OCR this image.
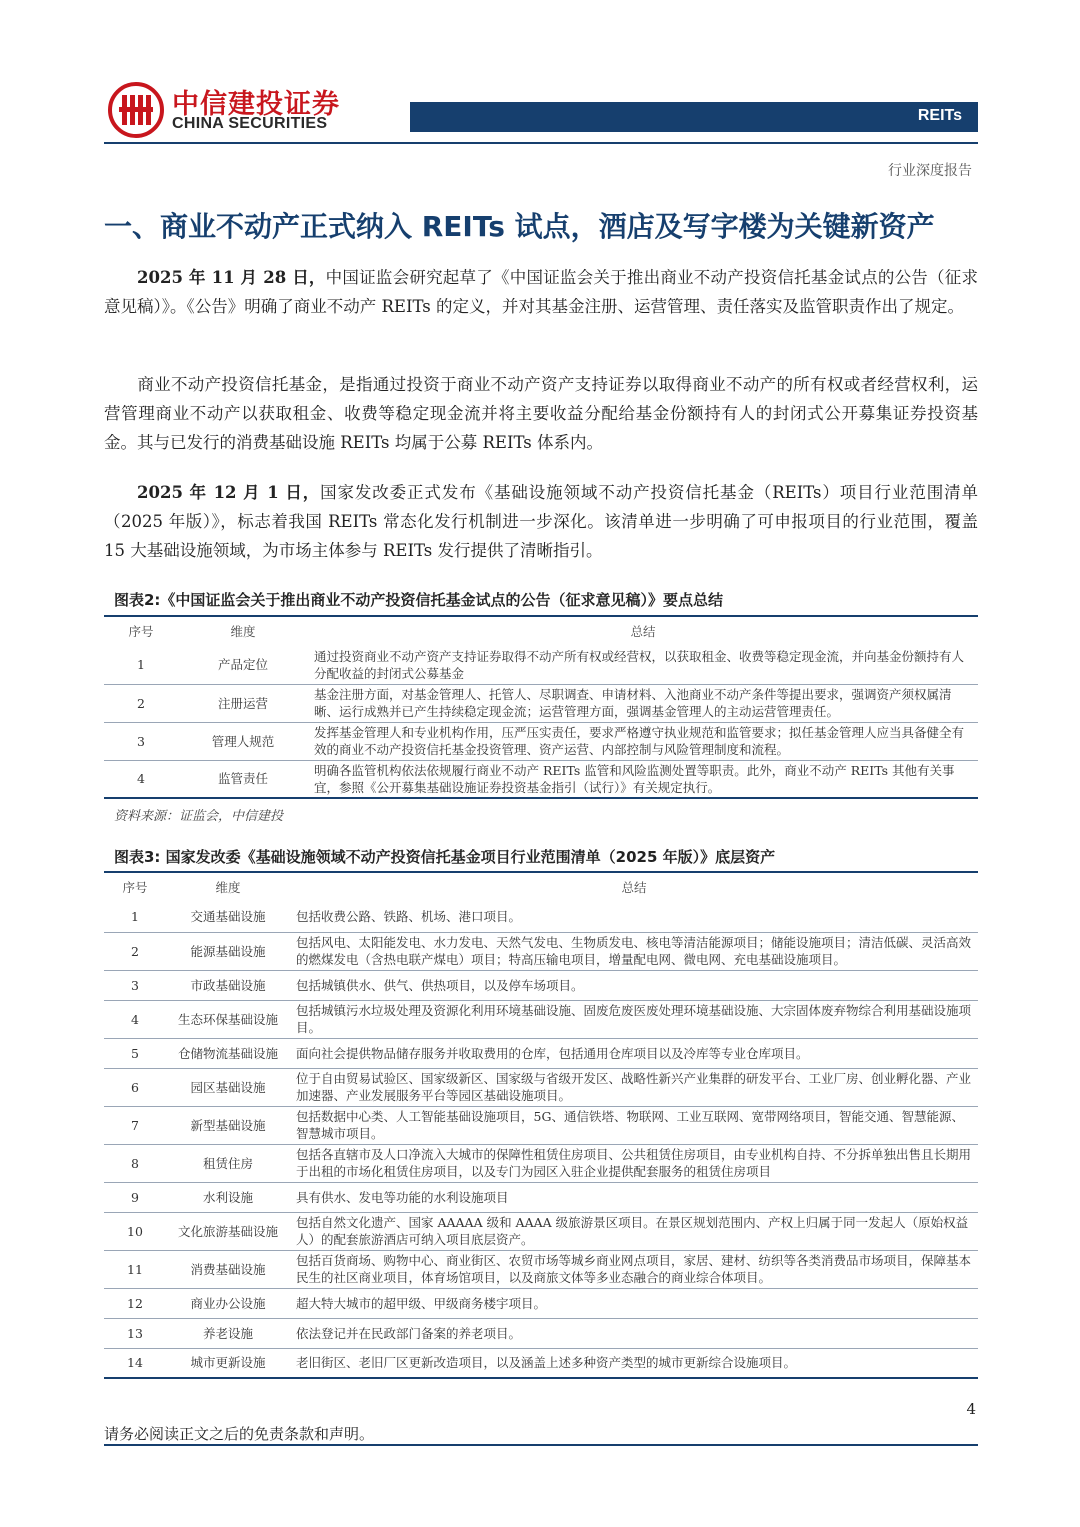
中信建投证券
CHINA SECURITIES	REITs
行业深度报告
一、商业不动产正式纳入 REITs 试点，酒店及写字楼为关键新资产
2025 年 11 月 28 日，中国证监会研究起草了《中国证监会关于推出商业不动产投资信托基金试点的公告（征求意见稿）》。《公告》明确了商业不动产 REITs 的定义，并对其基金注册、运营管理、责任落实及监管职责作出了规定。
商业不动产投资信托基金，是指通过投资于商业不动产资产支持证券以取得商业不动产的所有权或者经营权利，运营管理商业不动产以获取租金、收费等稳定现金流并将主要收益分配给基金份额持有人的封闭式公开募集证券投资基金。其与已发行的消费基础设施 REITs 均属于公募 REITs 体系内。
2025 年 12 月 1 日，国家发改委正式发布《基础设施领域不动产投资信托基金（REITs）项目行业范围清单（2025 年版）》，标志着我国 REITs 常态化发行机制进一步深化。该清单进一步明确了可申报项目的行业范围，覆盖 15 大基础设施领域，为市场主体参与 REITs 发行提供了清晰指引。
图表2:《中国证监会关于推出商业不动产投资信托基金试点的公告（征求意见稿）》要点总结
序号	维度	总结
1	产品定位	通过投资商业不动产资产支持证券取得不动产所有权或经营权，以获取租金、收费等稳定现金流，并向基金份额持有人分配收益的封闭式公募基金
2	注册运营	基金注册方面，对基金管理人、托管人、尽职调查、申请材料、入池商业不动产条件等提出要求，强调资产须权属清晰、运行成熟并已产生持续稳定现金流；运营管理方面，强调基金管理人的主动运营管理责任。
3	管理人规范	发挥基金管理人和专业机构作用，压严压实责任，要求严格遵守执业规范和监管要求；拟任基金管理人应当具备健全有效的商业不动产投资信托基金投资管理、资产运营、内部控制与风险管理制度和流程。
4	监管责任	明确各监管机构依法依规履行商业不动产 REITs 监管和风险监测处置等职责。此外，商业不动产 REITs 其他有关事宜，参照《公开募集基础设施证券投资基金指引（试行）》有关规定执行。
资料来源：证监会，中信建投
图表3: 国家发改委《基础设施领域不动产投资信托基金项目行业范围清单（2025 年版）》底层资产
序号	维度	总结
1	交通基础设施	包括收费公路、铁路、机场、港口项目。
2	能源基础设施	包括风电、太阳能发电、水力发电、天然气发电、生物质发电、核电等清洁能源项目；储能设施项目；清洁低碳、灵活高效的燃煤发电（含热电联产煤电）项目；特高压输电项目，增量配电网、微电网、充电基础设施项目。
3	市政基础设施	包括城镇供水、供气、供热项目，以及停车场项目。
4	生态环保基础设施	包括城镇污水垃圾处理及资源化利用环境基础设施、固废危废医废处理环境基础设施、大宗固体废弃物综合利用基础设施项目。
5	仓储物流基础设施	面向社会提供物品储存服务并收取费用的仓库，包括通用仓库项目以及冷库等专业仓库项目。
6	园区基础设施	位于自由贸易试验区、国家级新区、国家级与省级开发区、战略性新兴产业集群的研发平台、工业厂房、创业孵化器、产业加速器、产业发展服务平台等园区基础设施项目。
7	新型基础设施	包括数据中心类、人工智能基础设施项目，5G、通信铁塔、物联网、工业互联网、宽带网络项目，智能交通、智慧能源、智慧城市项目。
8	租赁住房	包括各直辖市及人口净流入大城市的保障性租赁住房项目、公共租赁住房项目，由专业机构自持、不分拆单独出售且长期用于出租的市场化租赁住房项目，以及专门为园区入驻企业提供配套服务的租赁住房项目
9	水利设施	具有供水、发电等功能的水利设施项目
10	文化旅游基础设施	包括自然文化遗产、国家 AAAAA 级和 AAAA 级旅游景区项目。在景区规划范围内、产权上归属于同一发起人（原始权益人）的配套旅游酒店可纳入项目底层资产。
11	消费基础设施	包括百货商场、购物中心、商业街区、农贸市场等城乡商业网点项目，家居、建材、纺织等各类消费品市场项目，保障基本民生的社区商业项目，体育场馆项目，以及商旅文体等多业态融合的商业综合体项目。
12	商业办公设施	超大特大城市的超甲级、甲级商务楼宇项目。
13	养老设施	依法登记并在民政部门备案的养老项目。
14	城市更新设施	老旧街区、老旧厂区更新改造项目，以及涵盖上述多种资产类型的城市更新综合设施项目。
4
请务必阅读正文之后的免责条款和声明。
